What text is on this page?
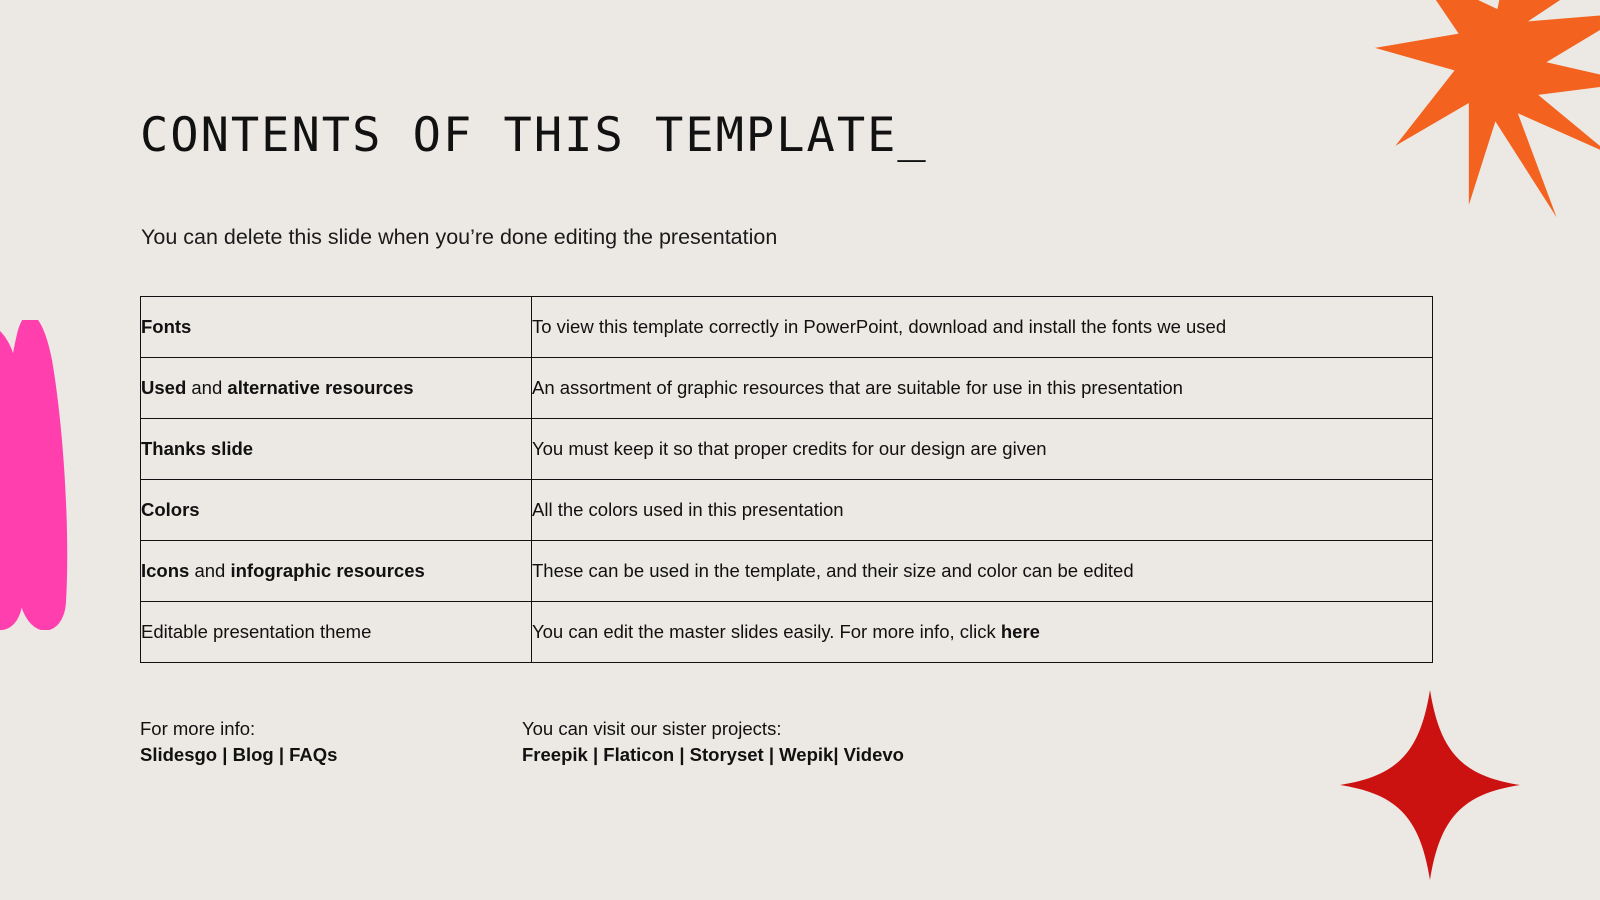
CONTENTS OF THIS TEMPLATE_
You can delete this slide when you’re done editing the presentation
Fonts	To view this template correctly in PowerPoint, download and install the fonts we used
Used and alternative resources	An assortment of graphic resources that are suitable for use in this presentation
Thanks slide	You must keep it so that proper credits for our design are given
Colors	All the colors used in this presentation
Icons and infographic resources	These can be used in the template, and their size and color can be edited
Editable presentation theme	You can edit the master slides easily. For more info, click here
For more info:
Slidesgo | Blog | FAQs
You can visit our sister projects:
Freepik | Flaticon | Storyset | Wepik| Videvo
